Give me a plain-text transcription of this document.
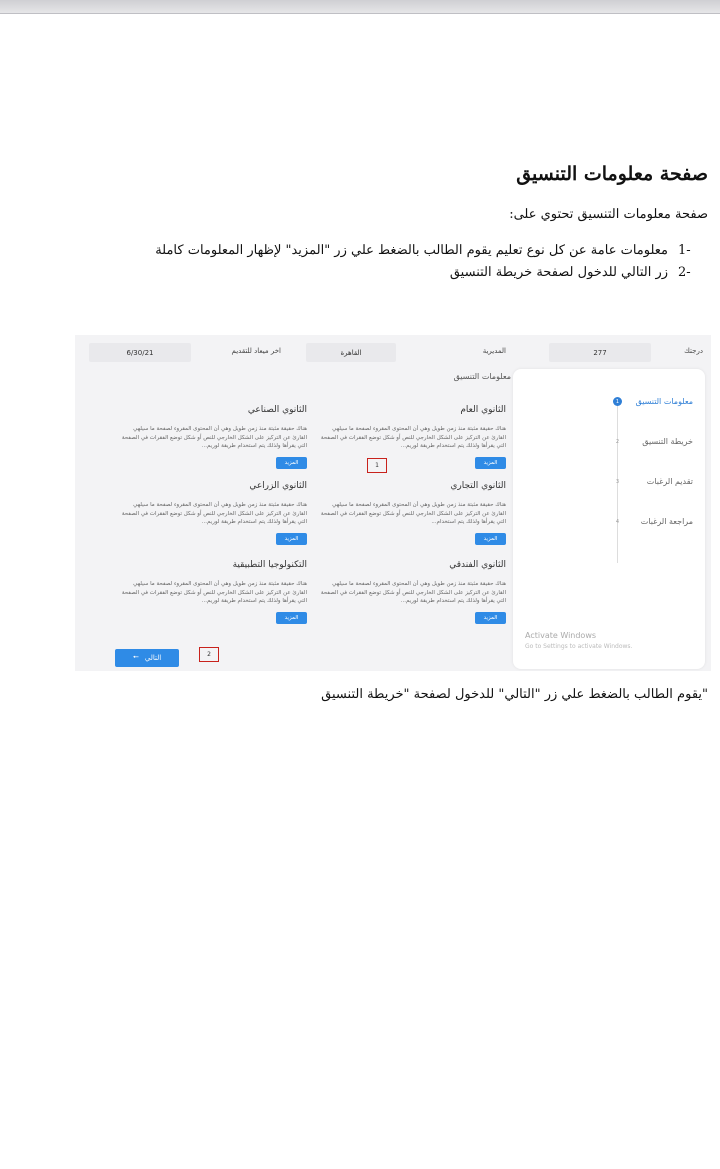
صفحة معلومات التنسيق
صفحة معلومات التنسيق تحتوي على:
-1
معلومات عامة عن كل نوع تعليم يقوم الطالب بالضغط علي زر "المزيد" لإظهار المعلومات كاملة
-2
زر التالي للدخول لصفحة خريطة التنسيق
درجتك
277
المديرية
القاهرة
اخر ميعاد للتقديم
6/30/21
معلومات التنسيق
1	معلومات التنسيق
2	خريطة التنسيق
3	تقديم الرغبات
4	مراجعة الرغبات
Activate Windows
Go to Settings to activate Windows.
الثانوي العام
هناك حقيقة مثبتة منذ زمن طويل وهي أن المحتوى المقروء لصفحة ما سيلهي القارئ عن التركيز على الشكل الخارجي للنص أو شكل توضع الفقرات في الصفحة التي يقرأها ولذلك يتم استخدام طريقة لوريم...
المزيد
الثانوي الصناعي
هناك حقيقة مثبتة منذ زمن طويل وهي أن المحتوى المقروء لصفحة ما سيلهي القارئ عن التركيز على الشكل الخارجي للنص أو شكل توضع الفقرات في الصفحة التي يقرأها ولذلك يتم استخدام طريقة لوريم...
المزيد
الثانوي التجاري
هناك حقيقة مثبتة منذ زمن طويل وهي أن المحتوى المقروء لصفحة ما سيلهي القارئ عن التركيز على الشكل الخارجي للنص أو شكل توضع الفقرات في الصفحة التي يقرأها ولذلك يتم استخدام...
المزيد
الثانوي الزراعي
هناك حقيقة مثبتة منذ زمن طويل وهي أن المحتوى المقروء لصفحة ما سيلهي القارئ عن التركيز على الشكل الخارجي للنص أو شكل توضع الفقرات في الصفحة التي يقرأها ولذلك يتم استخدام طريقة لوريم...
المزيد
الثانوي الفندقي
هناك حقيقة مثبتة منذ زمن طويل وهي أن المحتوى المقروء لصفحة ما سيلهي القارئ عن التركيز على الشكل الخارجي للنص أو شكل توضع الفقرات في الصفحة التي يقرأها ولذلك يتم استخدام طريقة لوريم...
المزيد
التكنولوجيا التطبيقية
هناك حقيقة مثبتة منذ زمن طويل وهي أن المحتوى المقروء لصفحة ما سيلهي القارئ عن التركيز على الشكل الخارجي للنص أو شكل توضع الفقرات في الصفحة التي يقرأها ولذلك يتم استخدام طريقة لوريم...
المزيد
1
2
التالي
🠔
"يقوم الطالب بالضغط علي زر "التالي" للدخول لصفحة "خريطة التنسيق
